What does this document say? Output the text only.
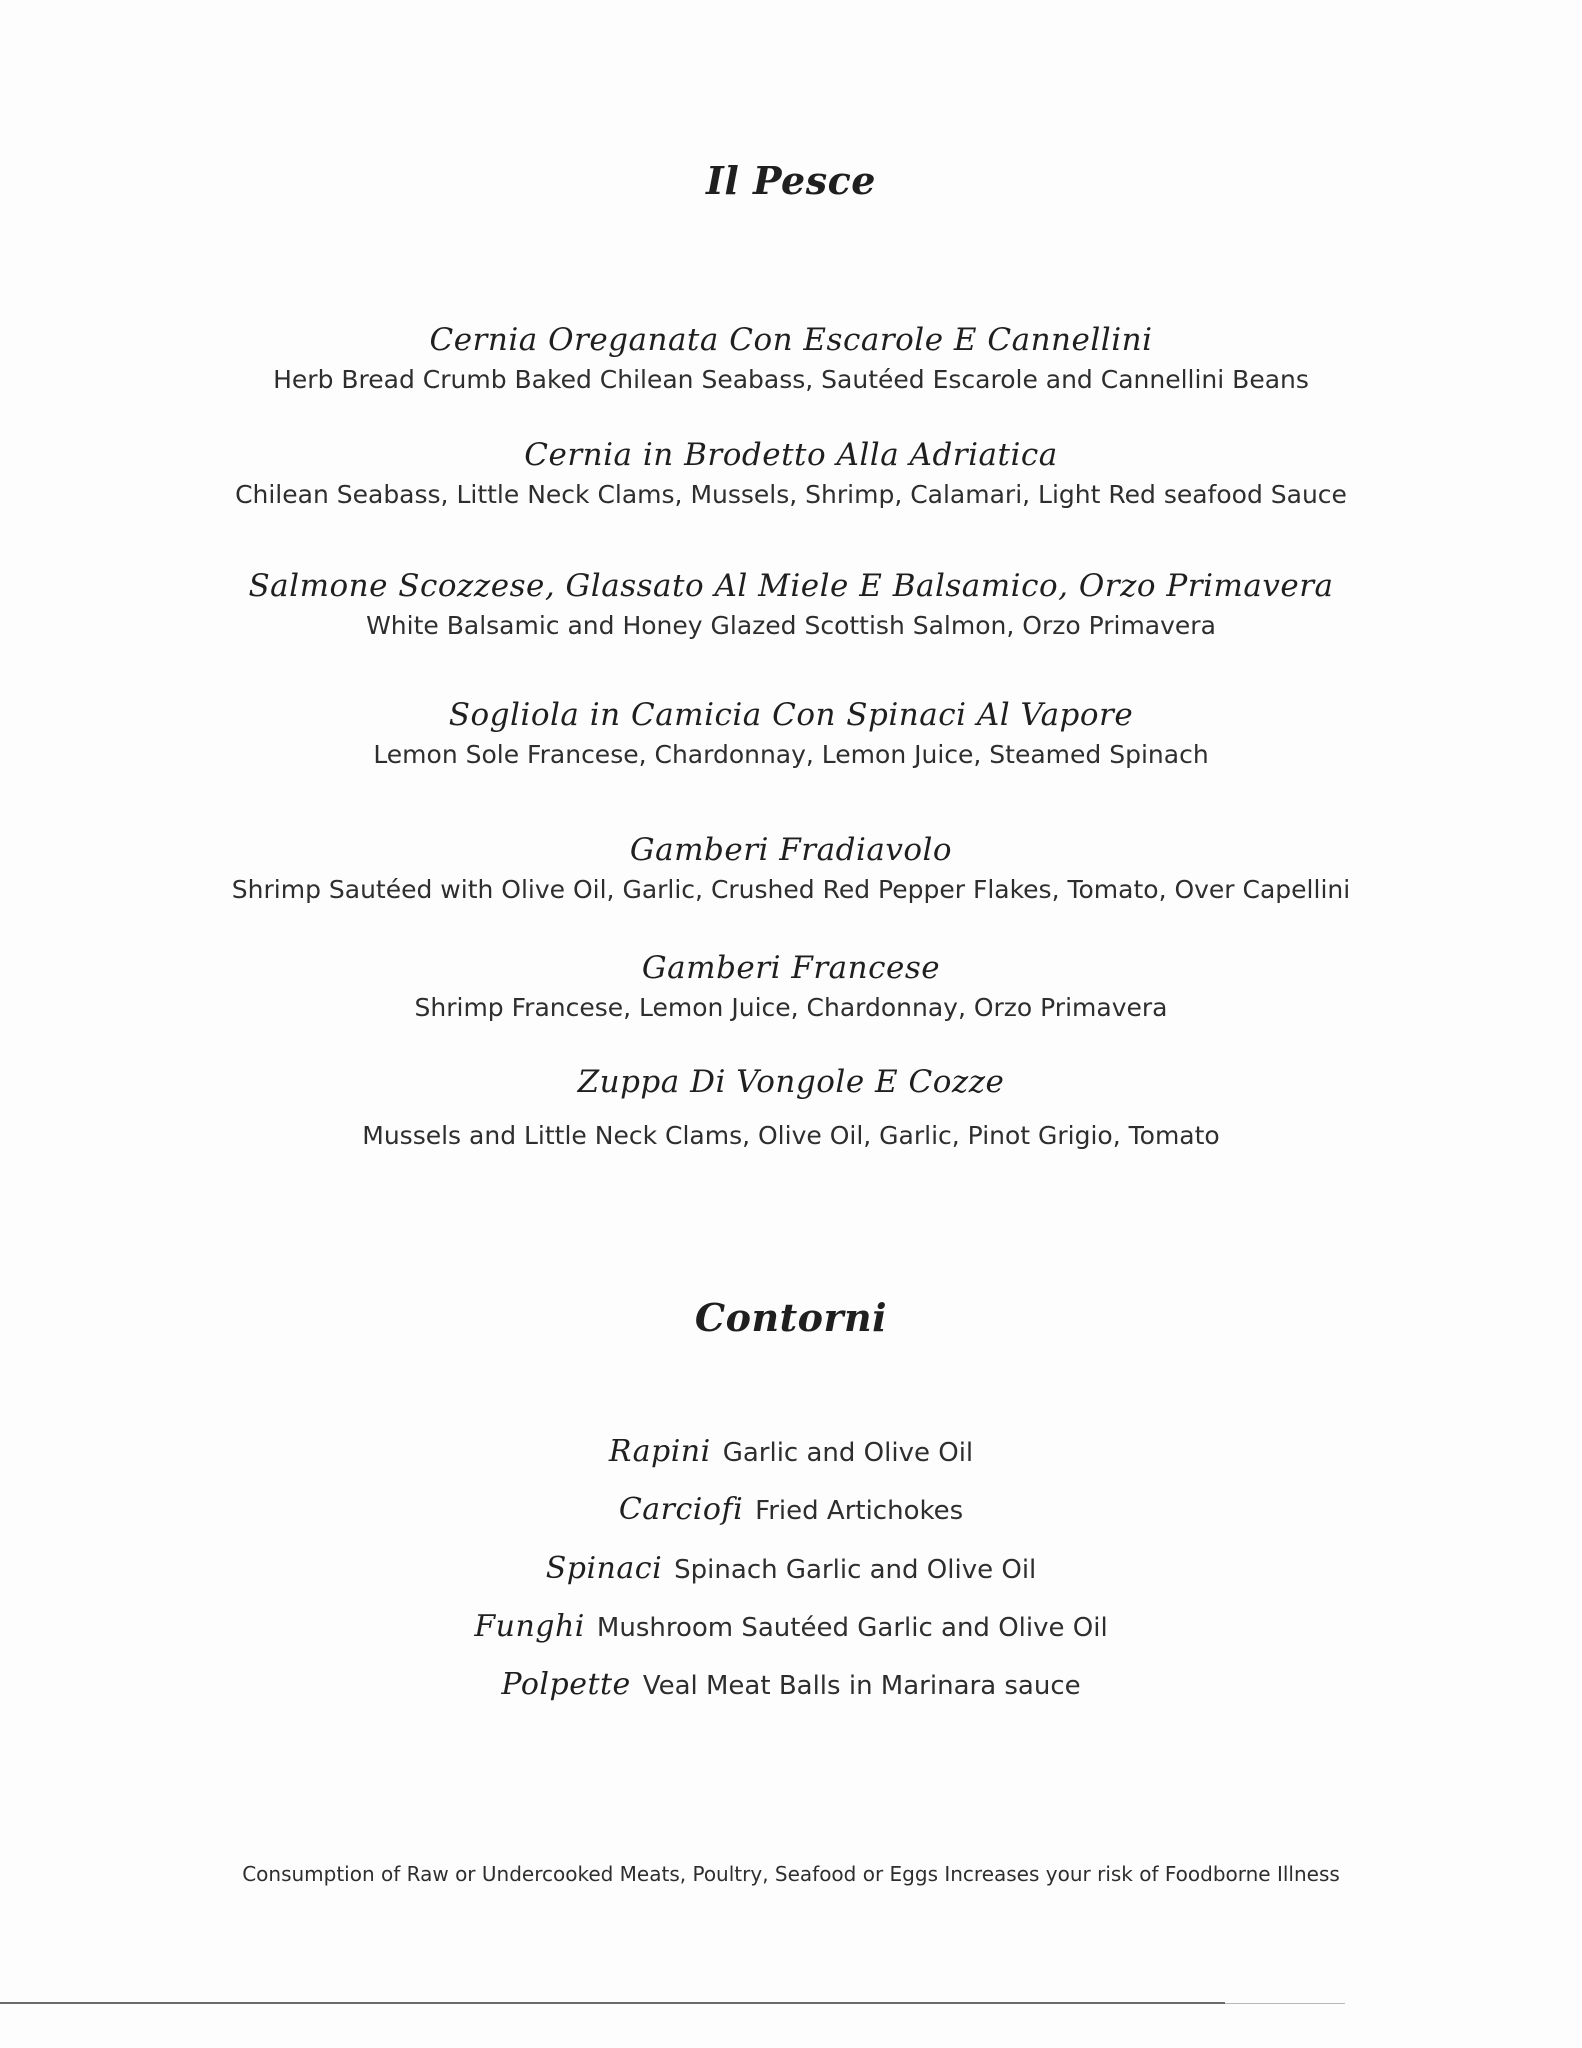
Il Pesce
Cernia Oreganata Con Escarole E Cannellini
Herb Bread Crumb Baked Chilean Seabass, Sautéed Escarole and Cannellini Beans
Cernia in Brodetto Alla Adriatica
Chilean Seabass, Little Neck Clams, Mussels, Shrimp, Calamari, Light Red seafood Sauce
Salmone Scozzese, Glassato Al Miele E Balsamico, Orzo Primavera
White Balsamic and Honey Glazed Scottish Salmon, Orzo Primavera
Sogliola in Camicia Con Spinaci Al Vapore
Lemon Sole Francese, Chardonnay, Lemon Juice, Steamed Spinach
Gamberi Fradiavolo
Shrimp Sautéed with Olive Oil, Garlic, Crushed Red Pepper Flakes, Tomato, Over Capellini
Gamberi Francese
Shrimp Francese, Lemon Juice, Chardonnay, Orzo Primavera
Zuppa Di Vongole E Cozze
Mussels and Little Neck Clams, Olive Oil, Garlic, Pinot Grigio, Tomato
Contorni
Rapini Garlic and Olive Oil
Carciofi Fried Artichokes
Spinaci Spinach Garlic and Olive Oil
Funghi Mushroom Sautéed Garlic and Olive Oil
Polpette Veal Meat Balls in Marinara sauce
Consumption of Raw or Undercooked Meats, Poultry, Seafood or Eggs Increases your risk of Foodborne Illness
